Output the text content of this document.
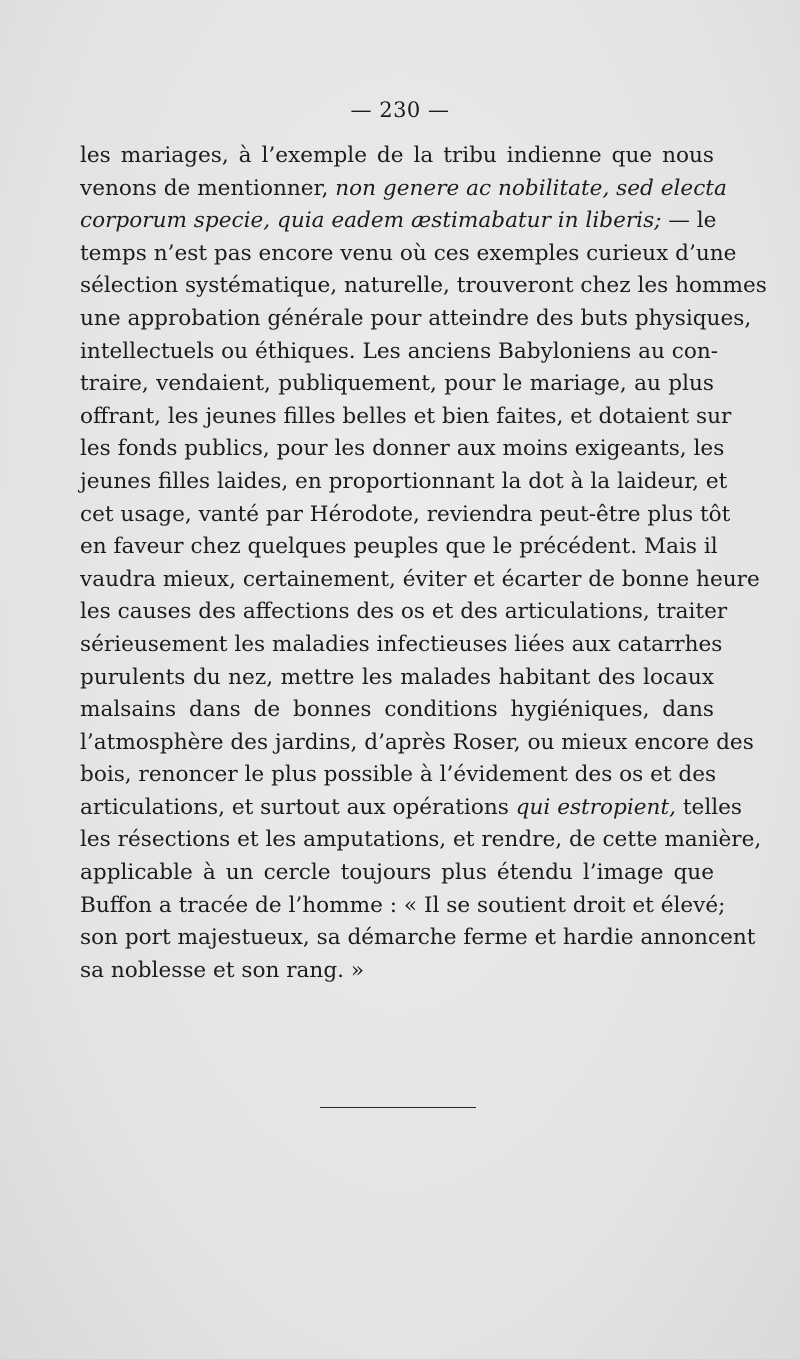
— 230 —
les mariages, à l’exemple de la tribu indienne que nous
venons de mentionner, non genere ac nobilitate, sed electa
corporum specie, quia eadem æstimabatur in liberis; — le
temps n’est pas encore venu où ces exemples curieux d’une
sélection systématique, naturelle, trouveront chez les hommes
une approbation générale pour atteindre des buts physiques,
intellectuels ou éthiques. Les anciens Babyloniens au con-
traire, vendaient, publiquement, pour le mariage, au plus
offrant, les jeunes filles belles et bien faites, et dotaient sur
les fonds publics, pour les donner aux moins exigeants, les
jeunes filles laides, en proportionnant la dot à la laideur, et
cet usage, vanté par Hérodote, reviendra peut-être plus tôt
en faveur chez quelques peuples que le précédent. Mais il
vaudra mieux, certainement, éviter et écarter de bonne heure
les causes des affections des os et des articulations, traiter
sérieusement les maladies infectieuses liées aux catarrhes
purulents du nez, mettre les malades habitant des locaux
malsains dans de bonnes conditions hygiéniques, dans
l’atmosphère des jardins, d’après Roser, ou mieux encore des
bois, renoncer le plus possible à l’évidement des os et des
articulations, et surtout aux opérations qui estropient, telles
les résections et les amputations, et rendre, de cette manière,
applicable à un cercle toujours plus étendu l’image que
Buffon a tracée de l’homme : « Il se soutient droit et élevé;
son port majestueux, sa démarche ferme et hardie annoncent
sa noblesse et son rang. »
